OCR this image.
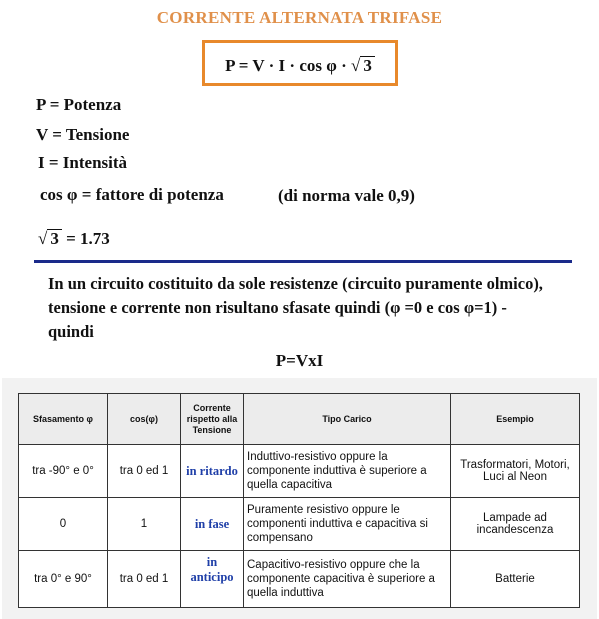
CORRENTE ALTERNATA TRIFASE
P = V · I · cos φ · √ 3
P = Potenza
V = Tensione
I = Intensità
cos φ = fattore di potenza	(di norma vale 0,9)
√ 3 = 1.73
In un circuito costituito da sole resistenze (circuito puramente olmico), tensione e corrente non risultano sfasate quindi (φ =0 e cos φ=1) - quindi
P=VxI
Sfasamento φ	cos(φ)	Corrente rispetto alla Tensione	Tipo Carico	Esempio
tra -90° e 0°	tra 0 ed 1	in ritardo	Induttivo-resistivo oppure la componente induttiva è superiore a quella capacitiva	Trasformatori, Motori, Luci al Neon
0	1	in fase	Puramente resistivo oppure le componenti induttiva e capacitiva si compensano	Lampade ad incandescenza
tra 0° e 90°	tra 0 ed 1	in anticipo	Capacitivo-resistivo oppure che la componente capacitiva è superiore a quella induttiva	Batterie
